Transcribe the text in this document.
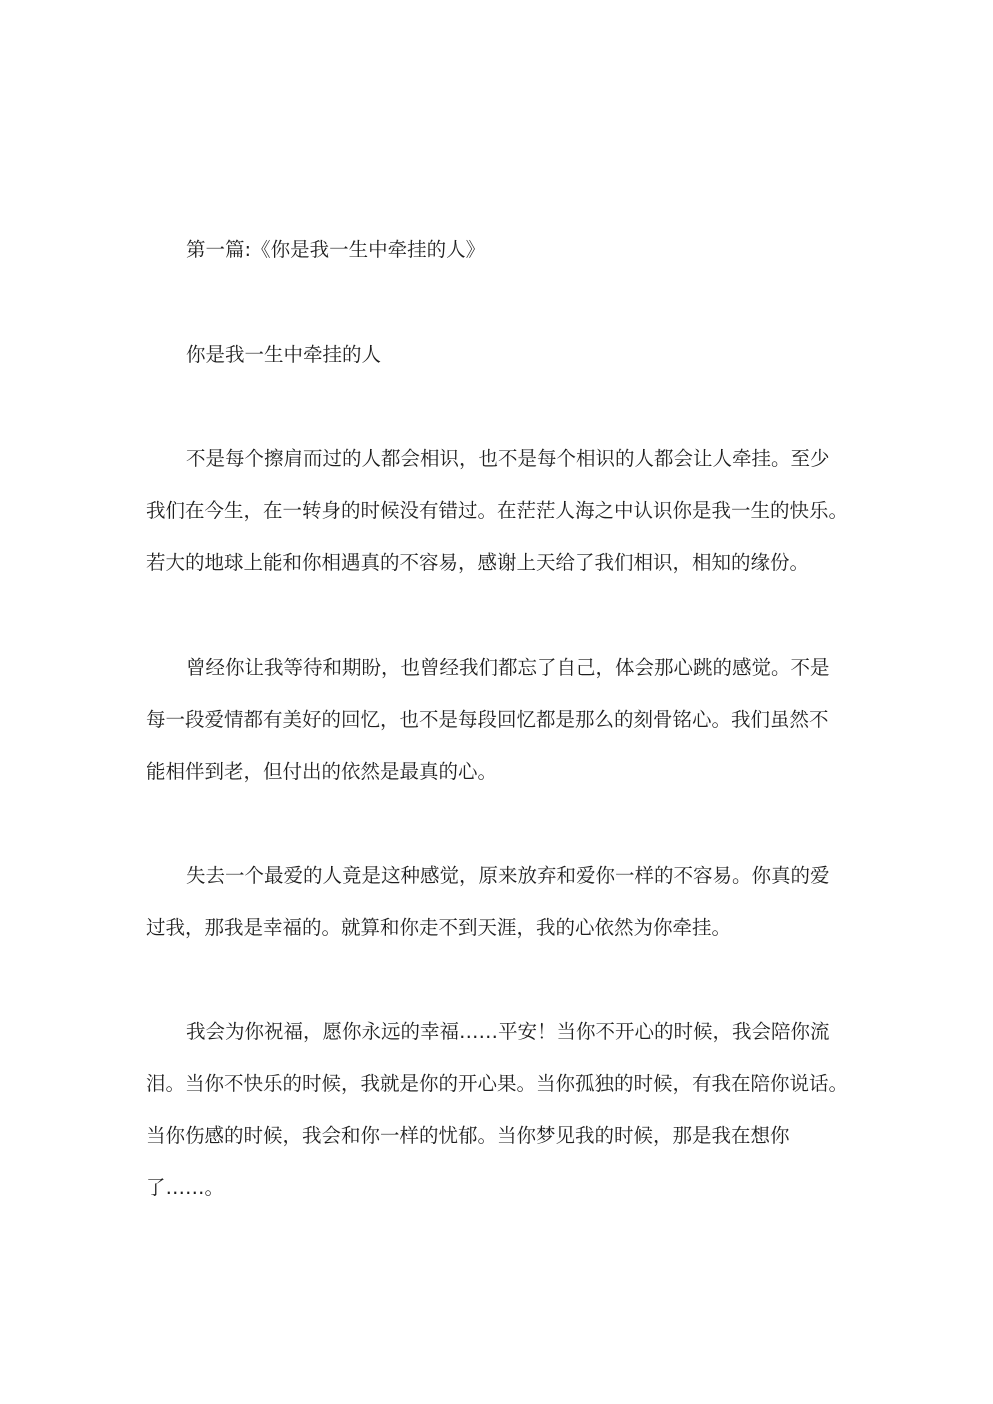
第一篇:《你是我一生中牵挂的人》
你是我一生中牵挂的人
不是每个擦肩而过的人都会相识，也不是每个相识的人都会让人牵挂。至少
我们在今生，在一转身的时候没有错过。在茫茫人海之中认识你是我一生的快乐。
若大的地球上能和你相遇真的不容易，感谢上天给了我们相识，相知的缘份。
曾经你让我等待和期盼，也曾经我们都忘了自己，体会那心跳的感觉。不是
每一段爱情都有美好的回忆，也不是每段回忆都是那么的刻骨铭心。我们虽然不
能相伴到老，但付出的依然是最真的心。
失去一个最爱的人竟是这种感觉，原来放弃和爱你一样的不容易。你真的爱
过我，那我是幸福的。就算和你走不到天涯，我的心依然为你牵挂。
我会为你祝福，愿你永远的幸福……平安！当你不开心的时候，我会陪你流
泪。当你不快乐的时候，我就是你的开心果。当你孤独的时候，有我在陪你说话。
当你伤感的时候，我会和你一样的忧郁。当你梦见我的时候，那是我在想你
了……。
